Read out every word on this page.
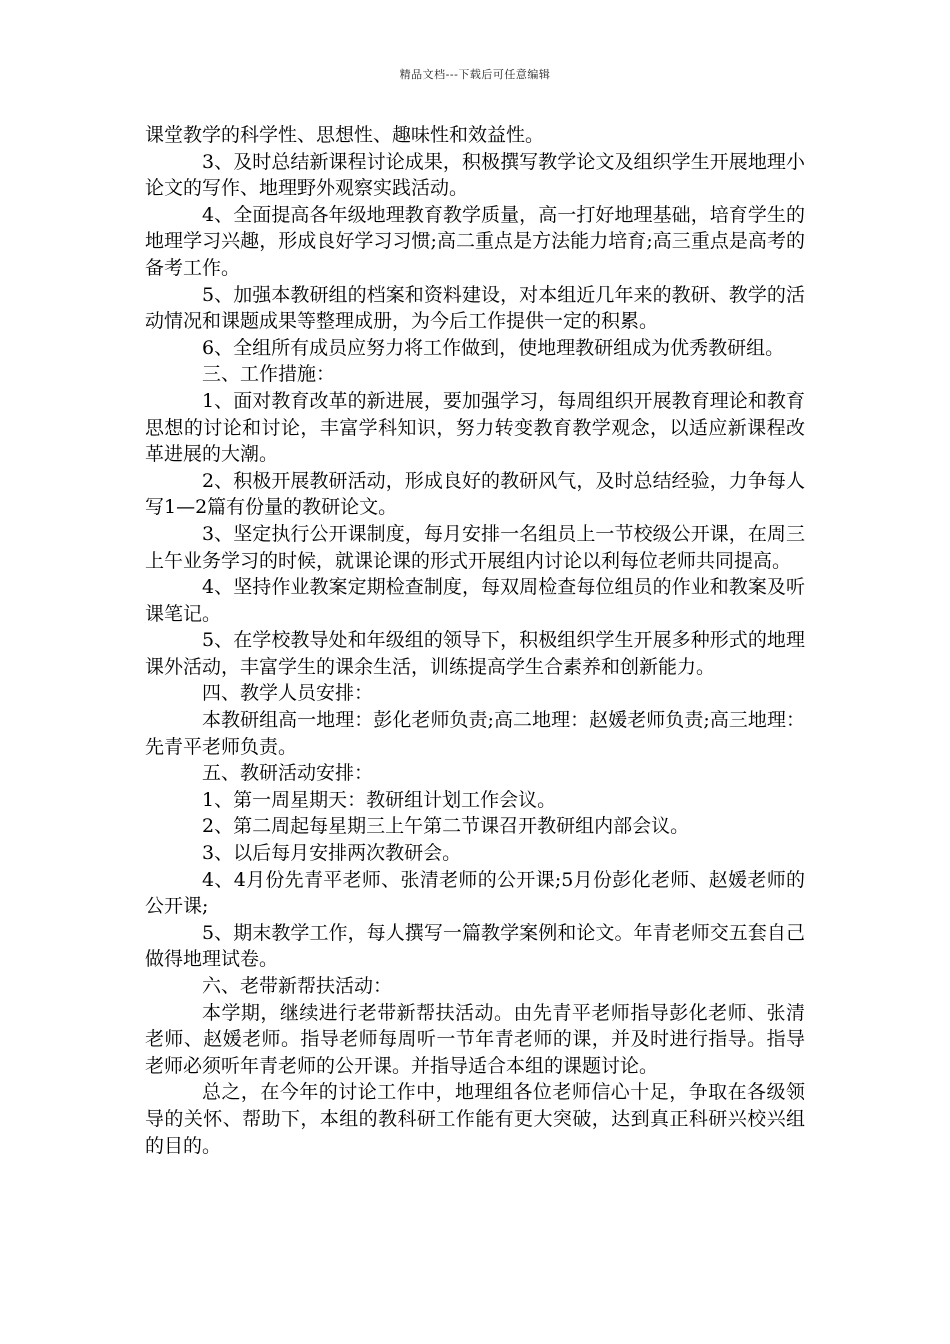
精品文档---下载后可任意编辑

课堂教学的科学性、思想性、趣味性和效益性。

3、及时总结新课程讨论成果，积极撰写教学论文及组织学生开展地理小论文的写作、地理野外观察实践活动。

4、全面提高各年级地理教育教学质量，高一打好地理基础，培育学生的地理学习兴趣，形成良好学习习惯;高二重点是方法能力培育;高三重点是高考的备考工作。

5、加强本教研组的档案和资料建设，对本组近几年来的教研、教学的活动情况和课题成果等整理成册，为今后工作提供一定的积累。

6、全组所有成员应努力将工作做到，使地理教研组成为优秀教研组。

三、工作措施：

1、面对教育改革的新进展，要加强学习，每周组织开展教育理论和教育思想的讨论和讨论，丰富学科知识，努力转变教育教学观念，以适应新课程改革进展的大潮。

2、积极开展教研活动，形成良好的教研风气，及时总结经验，力争每人写1—2篇有份量的教研论文。

3、坚定执行公开课制度，每月安排一名组员上一节校级公开课，在周三上午业务学习的时候，就课论课的形式开展组内讨论以利每位老师共同提高。

4、坚持作业教案定期检查制度，每双周检查每位组员的作业和教案及听课笔记。

5、在学校教导处和年级组的领导下，积极组织学生开展多种形式的地理课外活动，丰富学生的课余生活，训练提高学生合素养和创新能力。

四、教学人员安排：

本教研组高一地理：彭化老师负责;高二地理：赵媛老师负责;高三地理：先青平老师负责。

五、教研活动安排：

1、第一周星期天：教研组计划工作会议。

2、第二周起每星期三上午第二节课召开教研组内部会议。

3、以后每月安排两次教研会。

4、4月份先青平老师、张清老师的公开课;5月份彭化老师、赵媛老师的公开课;

5、期末教学工作，每人撰写一篇教学案例和论文。年青老师交五套自己做得地理试卷。

六、老带新帮扶活动：

本学期，继续进行老带新帮扶活动。由先青平老师指导彭化老师、张清老师、赵媛老师。指导老师每周听一节年青老师的课，并及时进行指导。指导老师必须听年青老师的公开课。并指导适合本组的课题讨论。

总之，在今年的讨论工作中，地理组各位老师信心十足，争取在各级领导的关怀、帮助下，本组的教科研工作能有更大突破，达到真正科研兴校兴组的目的。
